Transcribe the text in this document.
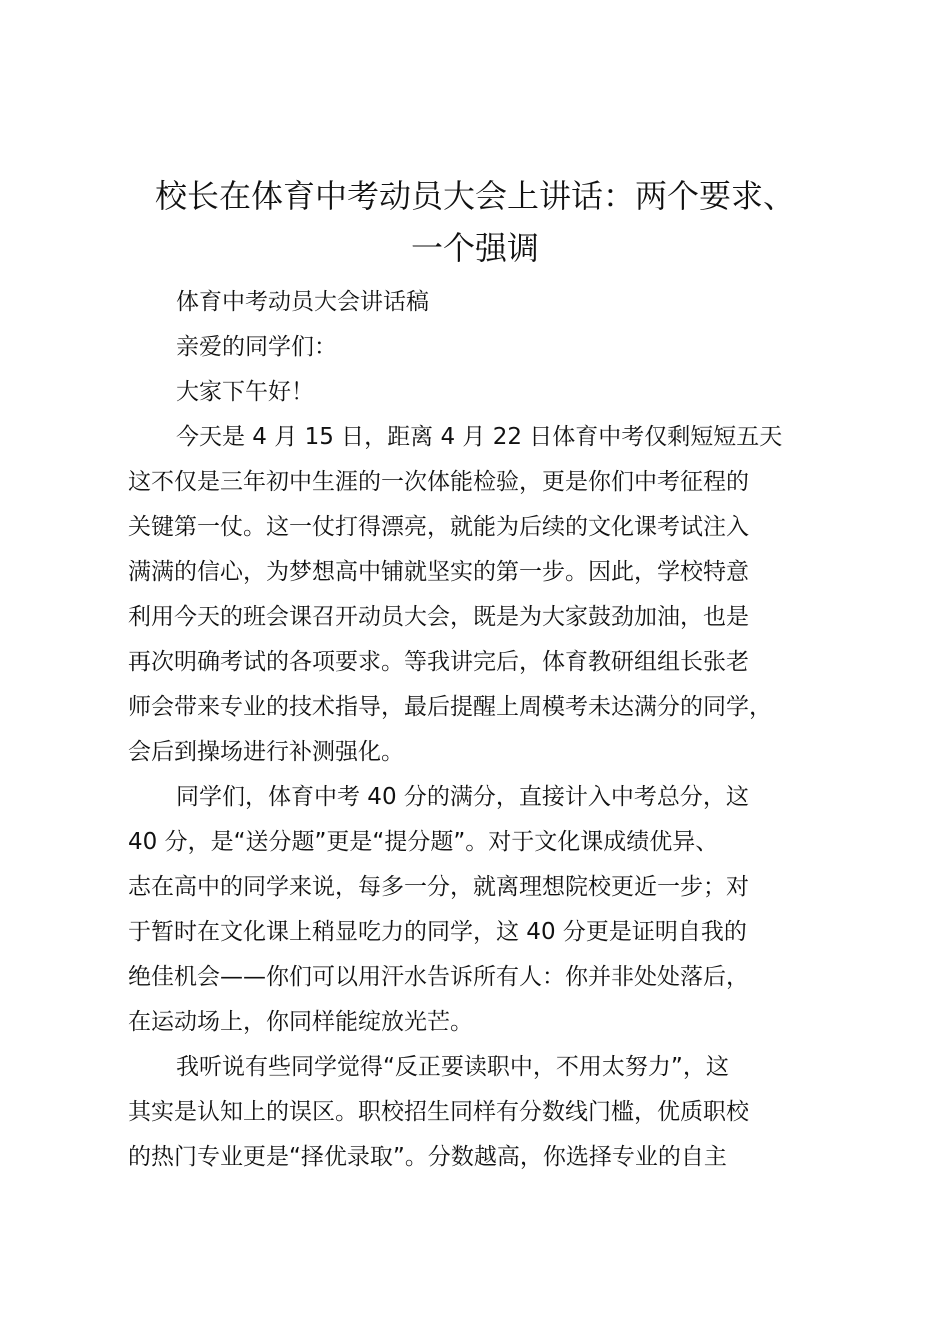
校长在体育中考动员大会上讲话：两个要求、
一个强调

体育中考动员大会讲话稿

亲爱的同学们：

大家下午好！

今天是 4 月 15 日，距离 4 月 22 日体育中考仅剩短短五天
这不仅是三年初中生涯的一次体能检验，更是你们中考征程的
关键第一仗。这一仗打得漂亮，就能为后续的文化课考试注入
满满的信心，为梦想高中铺就坚实的第一步。因此，学校特意
利用今天的班会课召开动员大会，既是为大家鼓劲加油，也是
再次明确考试的各项要求。等我讲完后，体育教研组组长张老
师会带来专业的技术指导，最后提醒上周模考未达满分的同学，
会后到操场进行补测强化。

同学们，体育中考 40 分的满分，直接计入中考总分，这
40 分，是“送分题”更是“提分题”。对于文化课成绩优异、
志在高中的同学来说，每多一分，就离理想院校更近一步；对
于暂时在文化课上稍显吃力的同学，这 40 分更是证明自我的
绝佳机会——你们可以用汗水告诉所有人：你并非处处落后，
在运动场上，你同样能绽放光芒。

我听说有些同学觉得“反正要读职中，不用太努力”，这
其实是认知上的误区。职校招生同样有分数线门槛，优质职校
的热门专业更是“择优录取”。分数越高，你选择专业的自主
